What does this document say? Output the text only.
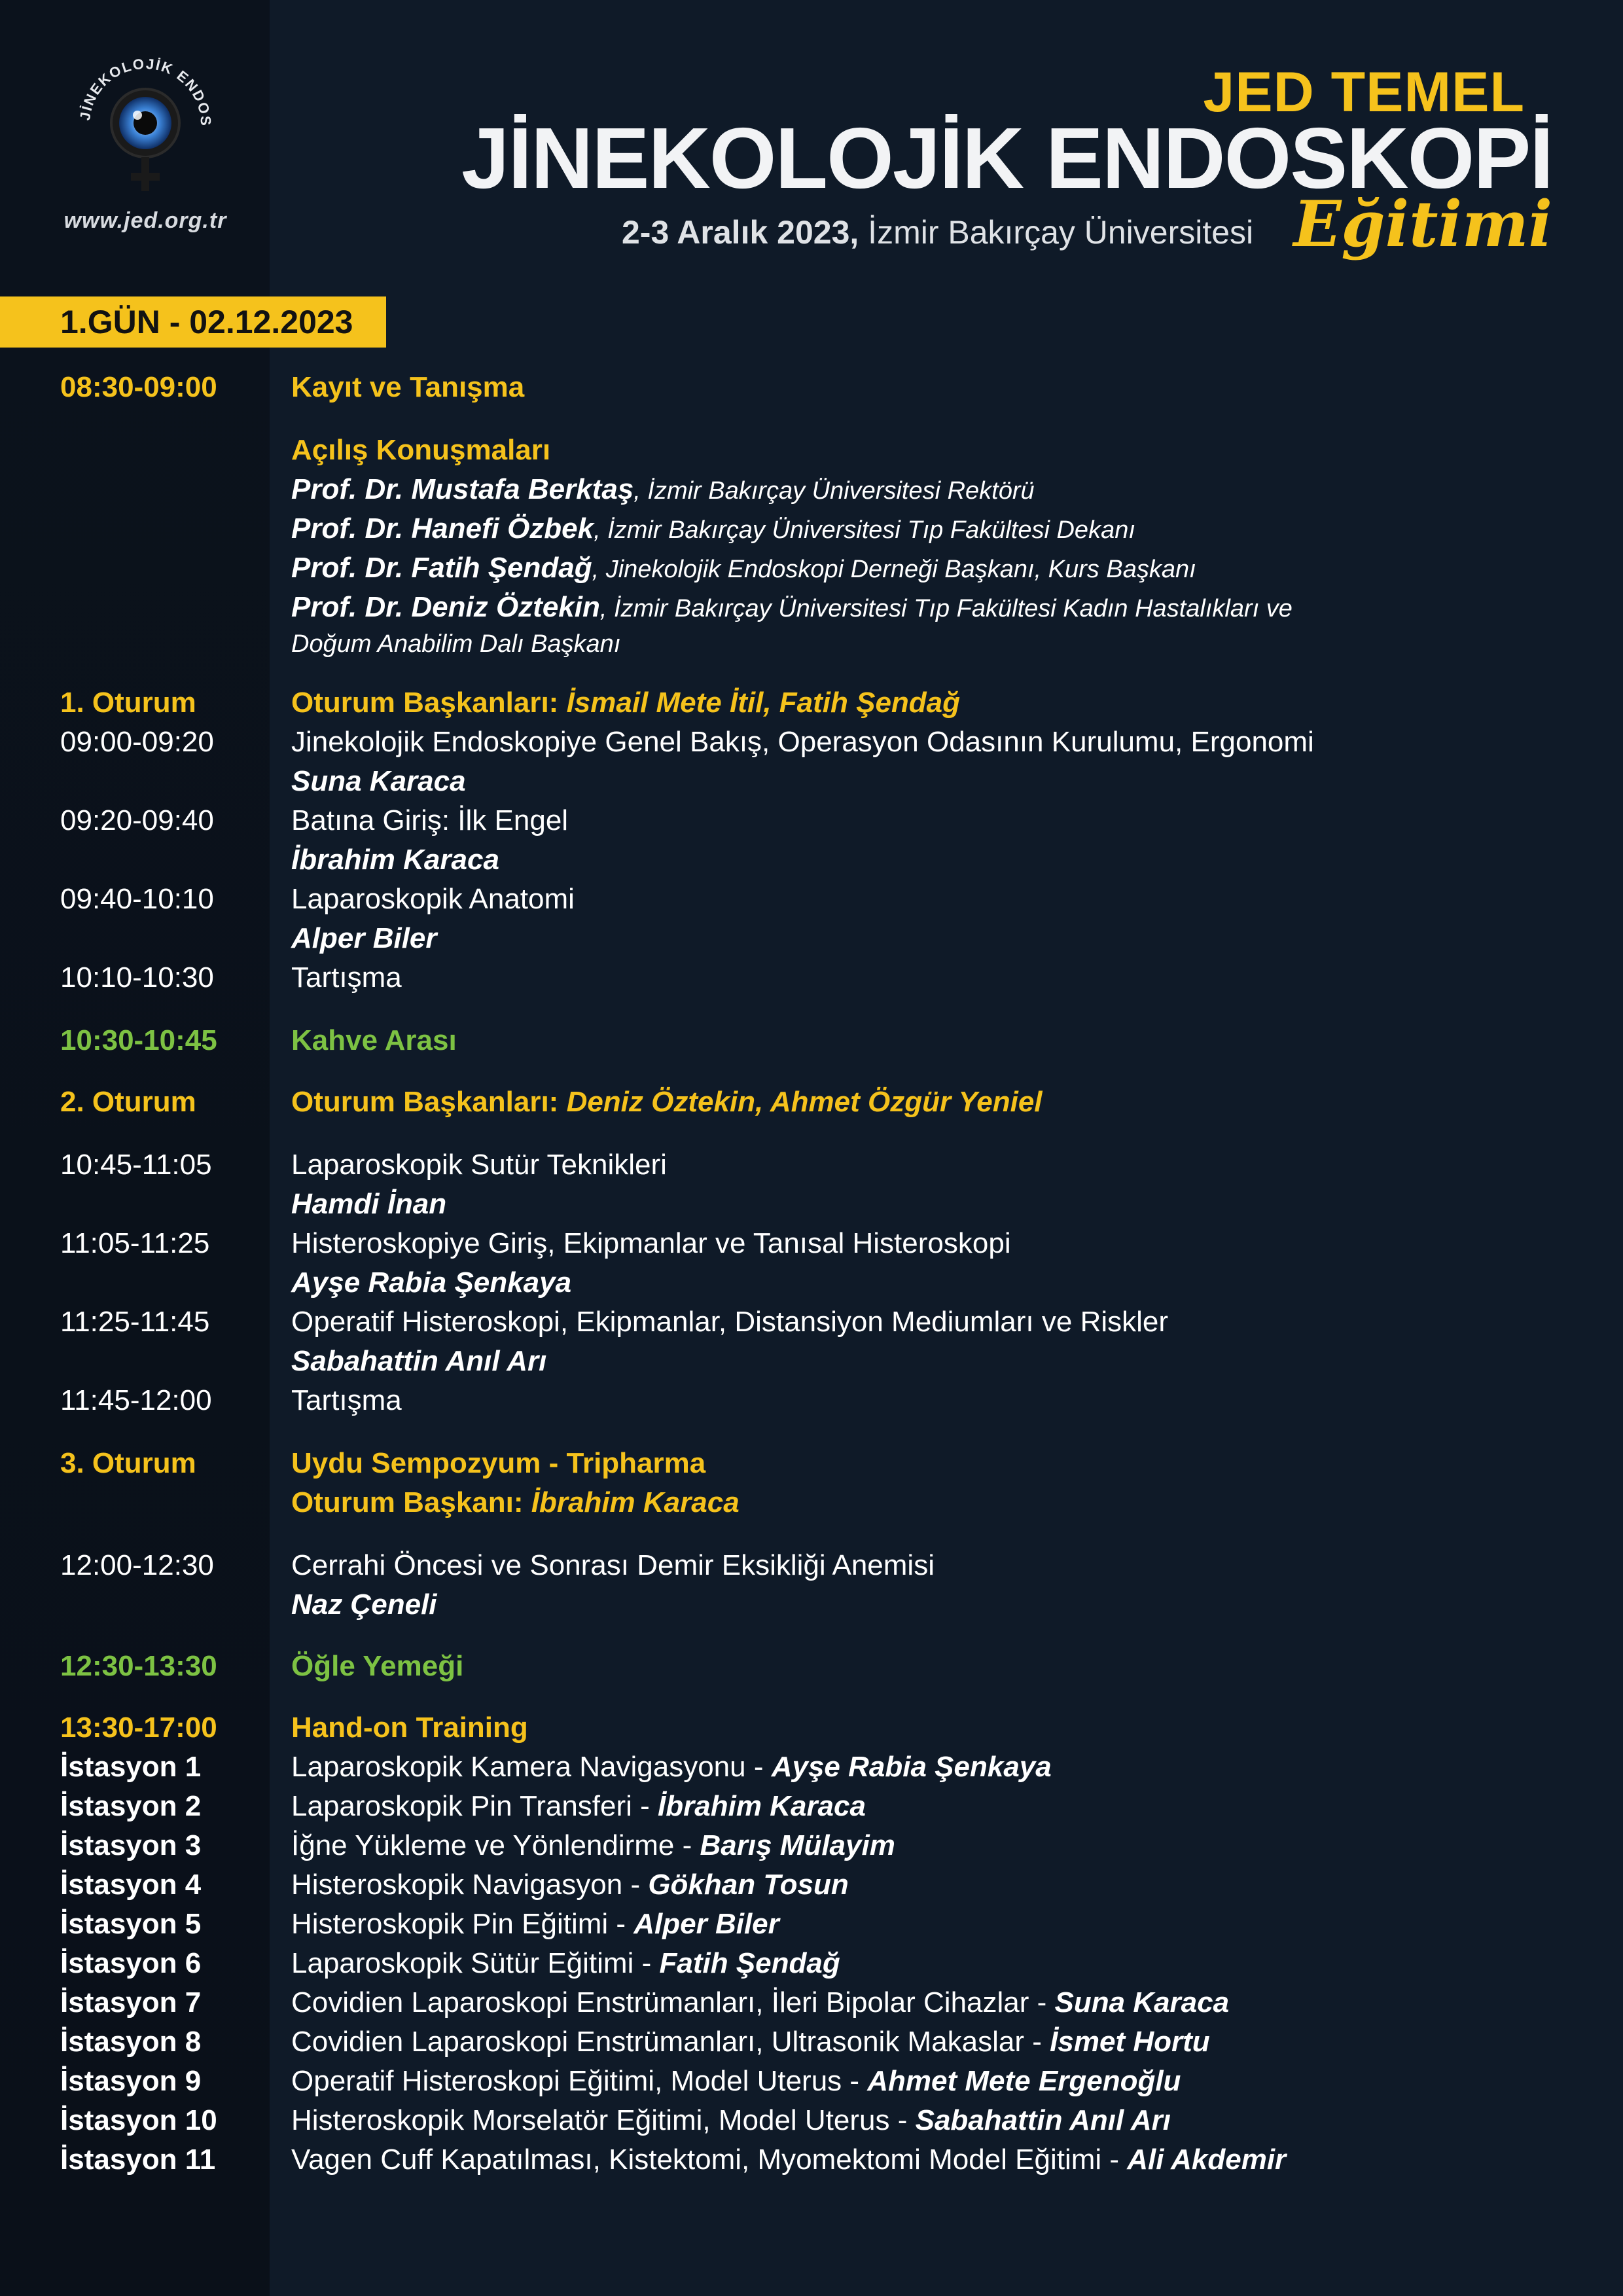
JİNEKOLOJİK ENDOS
www.jed.org.tr
JED TEMEL
JİNEKOLOJİK ENDOSKOPİ
2-3 Aralık 2023, İzmir Bakırçay Üniversitesi Eğitimi
1.GÜN - 02.12.2023
08:30-09:00	Kayıt ve Tanışma
Açılış Konuşmaları
Prof. Dr. Mustafa Berktaş, İzmir Bakırçay Üniversitesi Rektörü
Prof. Dr. Hanefi Özbek, İzmir Bakırçay Üniversitesi Tıp Fakültesi Dekanı
Prof. Dr. Fatih Şendağ, Jinekolojik Endoskopi Derneği Başkanı, Kurs Başkanı
Prof. Dr. Deniz Öztekin, İzmir Bakırçay Üniversitesi Tıp Fakültesi Kadın Hastalıkları ve
Doğum Anabilim Dalı Başkanı
1. Oturum	Oturum Başkanları: İsmail Mete İtil, Fatih Şendağ
09:00-09:20	Jinekolojik Endoskopiye Genel Bakış, Operasyon Odasının Kurulumu, Ergonomi
Suna Karaca
09:20-09:40	Batına Giriş: İlk Engel
İbrahim Karaca
09:40-10:10	Laparoskopik Anatomi
Alper Biler
10:10-10:30	Tartışma
10:30-10:45	Kahve Arası
2. Oturum	Oturum Başkanları: Deniz Öztekin, Ahmet Özgür Yeniel
10:45-11:05	Laparoskopik Sutür Teknikleri
Hamdi İnan
11:05-11:25	Histeroskopiye Giriş, Ekipmanlar ve Tanısal Histeroskopi
Ayşe Rabia Şenkaya
11:25-11:45	Operatif Histeroskopi, Ekipmanlar, Distansiyon Mediumları ve Riskler
Sabahattin Anıl Arı
11:45-12:00	Tartışma
3. Oturum	Uydu Sempozyum - Tripharma
Oturum Başkanı: İbrahim Karaca
12:00-12:30	Cerrahi Öncesi ve Sonrası Demir Eksikliği Anemisi
Naz Çeneli
12:30-13:30	Öğle Yemeği
13:30-17:00	Hand-on Training
İstasyon 1	Laparoskopik Kamera Navigasyonu - Ayşe Rabia Şenkaya
İstasyon 2	Laparoskopik Pin Transferi - İbrahim Karaca
İstasyon 3	İğne Yükleme ve Yönlendirme - Barış Mülayim
İstasyon 4	Histeroskopik Navigasyon - Gökhan Tosun
İstasyon 5	Histeroskopik Pin Eğitimi - Alper Biler
İstasyon 6	Laparoskopik Sütür Eğitimi - Fatih Şendağ
İstasyon 7	Covidien Laparoskopi Enstrümanları, İleri Bipolar Cihazlar - Suna Karaca
İstasyon 8	Covidien Laparoskopi Enstrümanları, Ultrasonik Makaslar - İsmet Hortu
İstasyon 9	Operatif Histeroskopi Eğitimi, Model Uterus - Ahmet Mete Ergenoğlu
İstasyon 10	Histeroskopik Morselatör Eğitimi, Model Uterus - Sabahattin Anıl Arı
İstasyon 11	Vagen Cuff Kapatılması, Kistektomi, Myomektomi Model Eğitimi - Ali Akdemir
